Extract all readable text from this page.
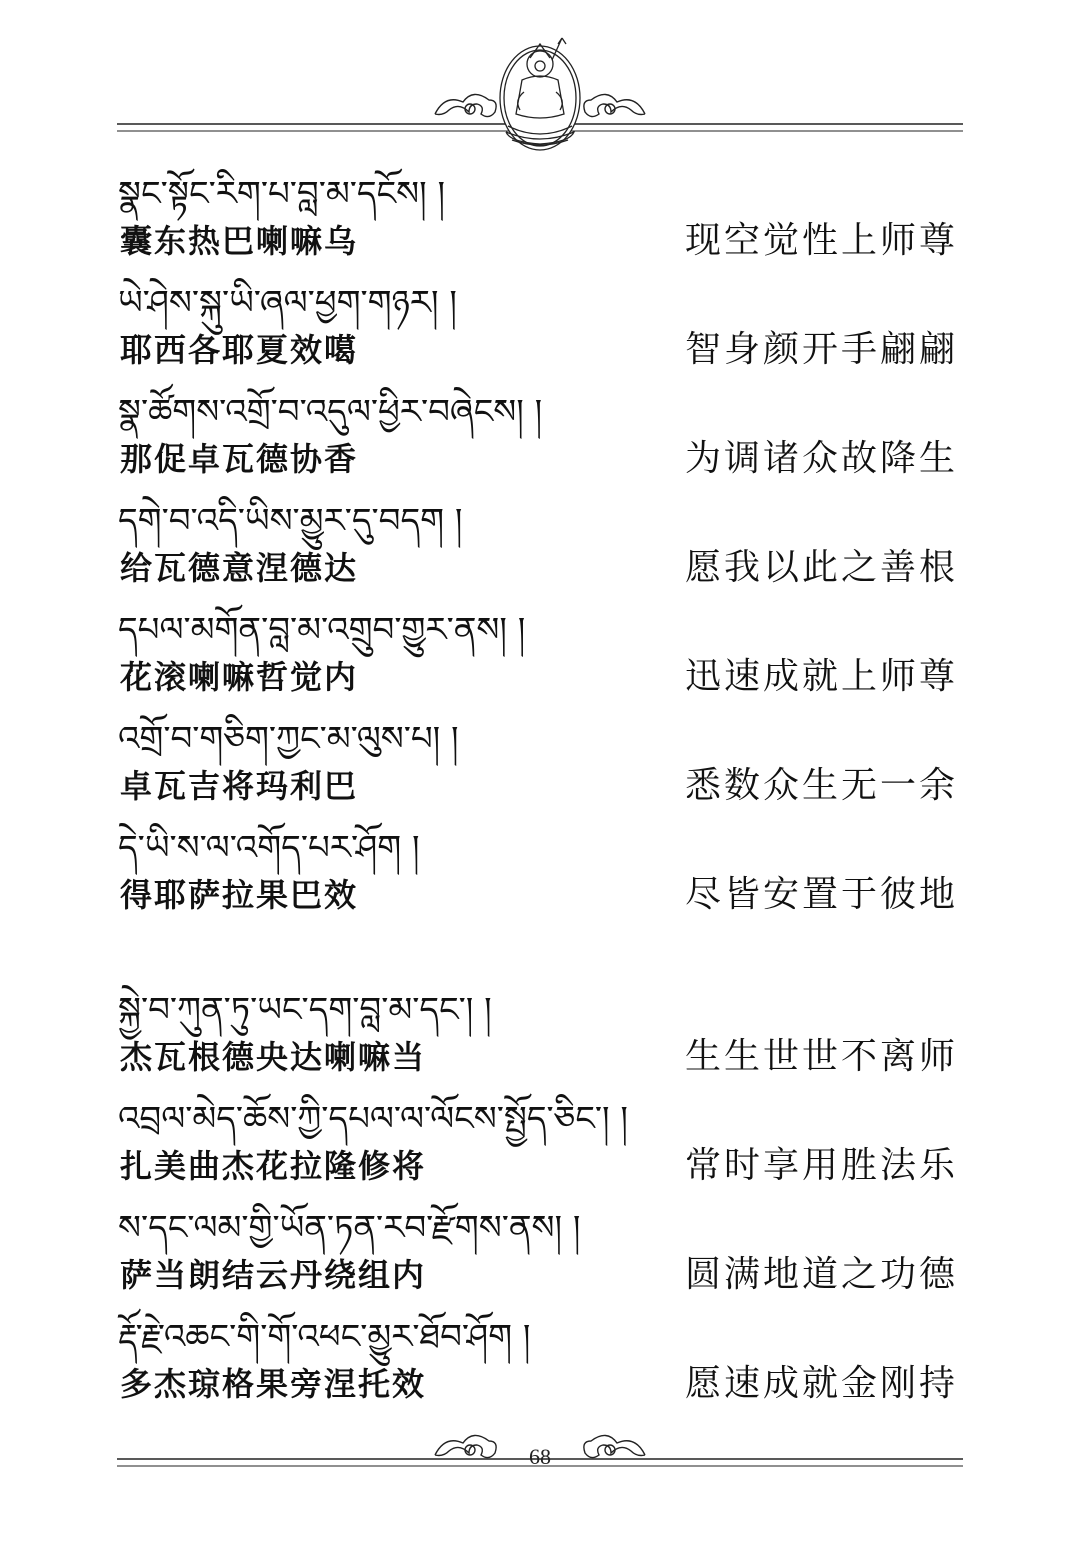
སྣང་སྟོང་རིག་པ་བླ་མ་དངོས། །
囊东热巴喇嘛乌	现空觉性上师尊
ཡེ་ཤེས་སྐུ་ཡི་ཞལ་ཕྱག་གཉར། །
耶西各耶夏效噶	智身颜开手翩翩
སྣ་ཚོགས་འགྲོ་བ་འདུལ་ཕྱིར་བཞེངས། །
那促卓瓦德协香	为调诸众故降生
དགེ་བ་འདི་ཡིས་མྱུར་དུ་བདག །
给瓦德意涅德达	愿我以此之善根
དཔལ་མགོན་བླ་མ་འགྲུབ་གྱུར་ནས། །
花滚喇嘛哲觉内	迅速成就上师尊
འགྲོ་བ་གཅིག་ཀྱང་མ་ལུས་པ། །
卓瓦吉将玛利巴	悉数众生无一余
དེ་ཡི་ས་ལ་འགོད་པར་ཤོག །
得耶萨拉果巴效	尽皆安置于彼地
སྐྱེ་བ་ཀུན་ཏུ་ཡང་དག་བླ་མ་དང་། །
杰瓦根德央达喇嘛当	生生世世不离师
འབྲལ་མེད་ཆོས་ཀྱི་དཔལ་ལ་ལོངས་སྤྱོད་ཅིང་། །
扎美曲杰花拉隆修将	常时享用胜法乐
ས་དང་ལམ་གྱི་ཡོན་ཏན་རབ་རྫོགས་ནས། །
萨当朗结云丹绕组内	圆满地道之功德
རྡོ་རྗེ་འཆང་གི་གོ་འཕང་མྱུར་ཐོབ་ཤོག །
多杰琼格果旁涅托效	愿速成就金刚持
68
